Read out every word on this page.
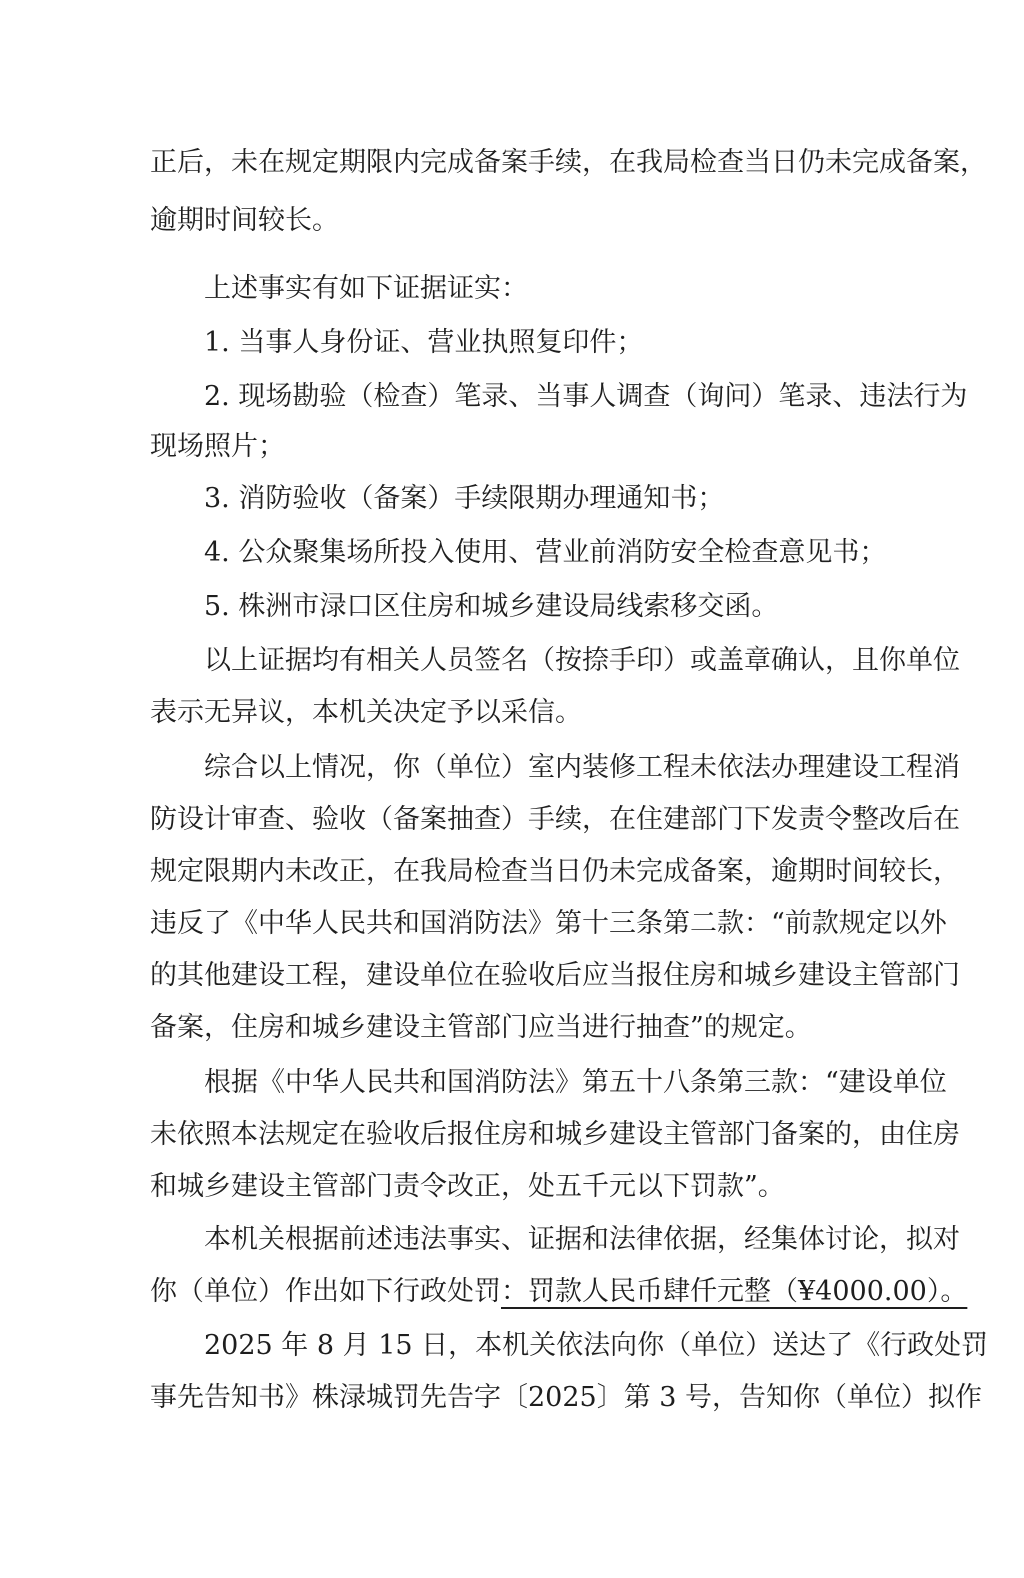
正后，未在规定期限内完成备案手续，在我局检查当日仍未完成备案，
逾期时间较长。
上述事实有如下证据证实：
1. 当事人身份证、营业执照复印件；
2. 现场勘验（检查）笔录、当事人调查（询问）笔录、违法行为
现场照片；
3. 消防验收（备案）手续限期办理通知书；
4. 公众聚集场所投入使用、营业前消防安全检查意见书；
5. 株洲市渌口区住房和城乡建设局线索移交函。
以上证据均有相关人员签名（按捺手印）或盖章确认，且你单位
表示无异议，本机关决定予以采信。
综合以上情况，你（单位）室内装修工程未依法办理建设工程消
防设计审查、验收（备案抽查）手续，在住建部门下发责令整改后在
规定限期内未改正，在我局检查当日仍未完成备案，逾期时间较长，
违反了《中华人民共和国消防法》第十三条第二款：“前款规定以外
的其他建设工程，建设单位在验收后应当报住房和城乡建设主管部门
备案，住房和城乡建设主管部门应当进行抽查”的规定。
根据《中华人民共和国消防法》第五十八条第三款：“建设单位
未依照本法规定在验收后报住房和城乡建设主管部门备案的，由住房
和城乡建设主管部门责令改正，处五千元以下罚款”。
本机关根据前述违法事实、证据和法律依据，经集体讨论，拟对
你（单位）作出如下行政处罚：罚款人民币肆仟元整（¥4000.00）。
2025 年 8 月 15 日，本机关依法向你（单位）送达了《行政处罚
事先告知书》株渌城罚先告字〔2025〕第 3 号，告知你（单位）拟作
